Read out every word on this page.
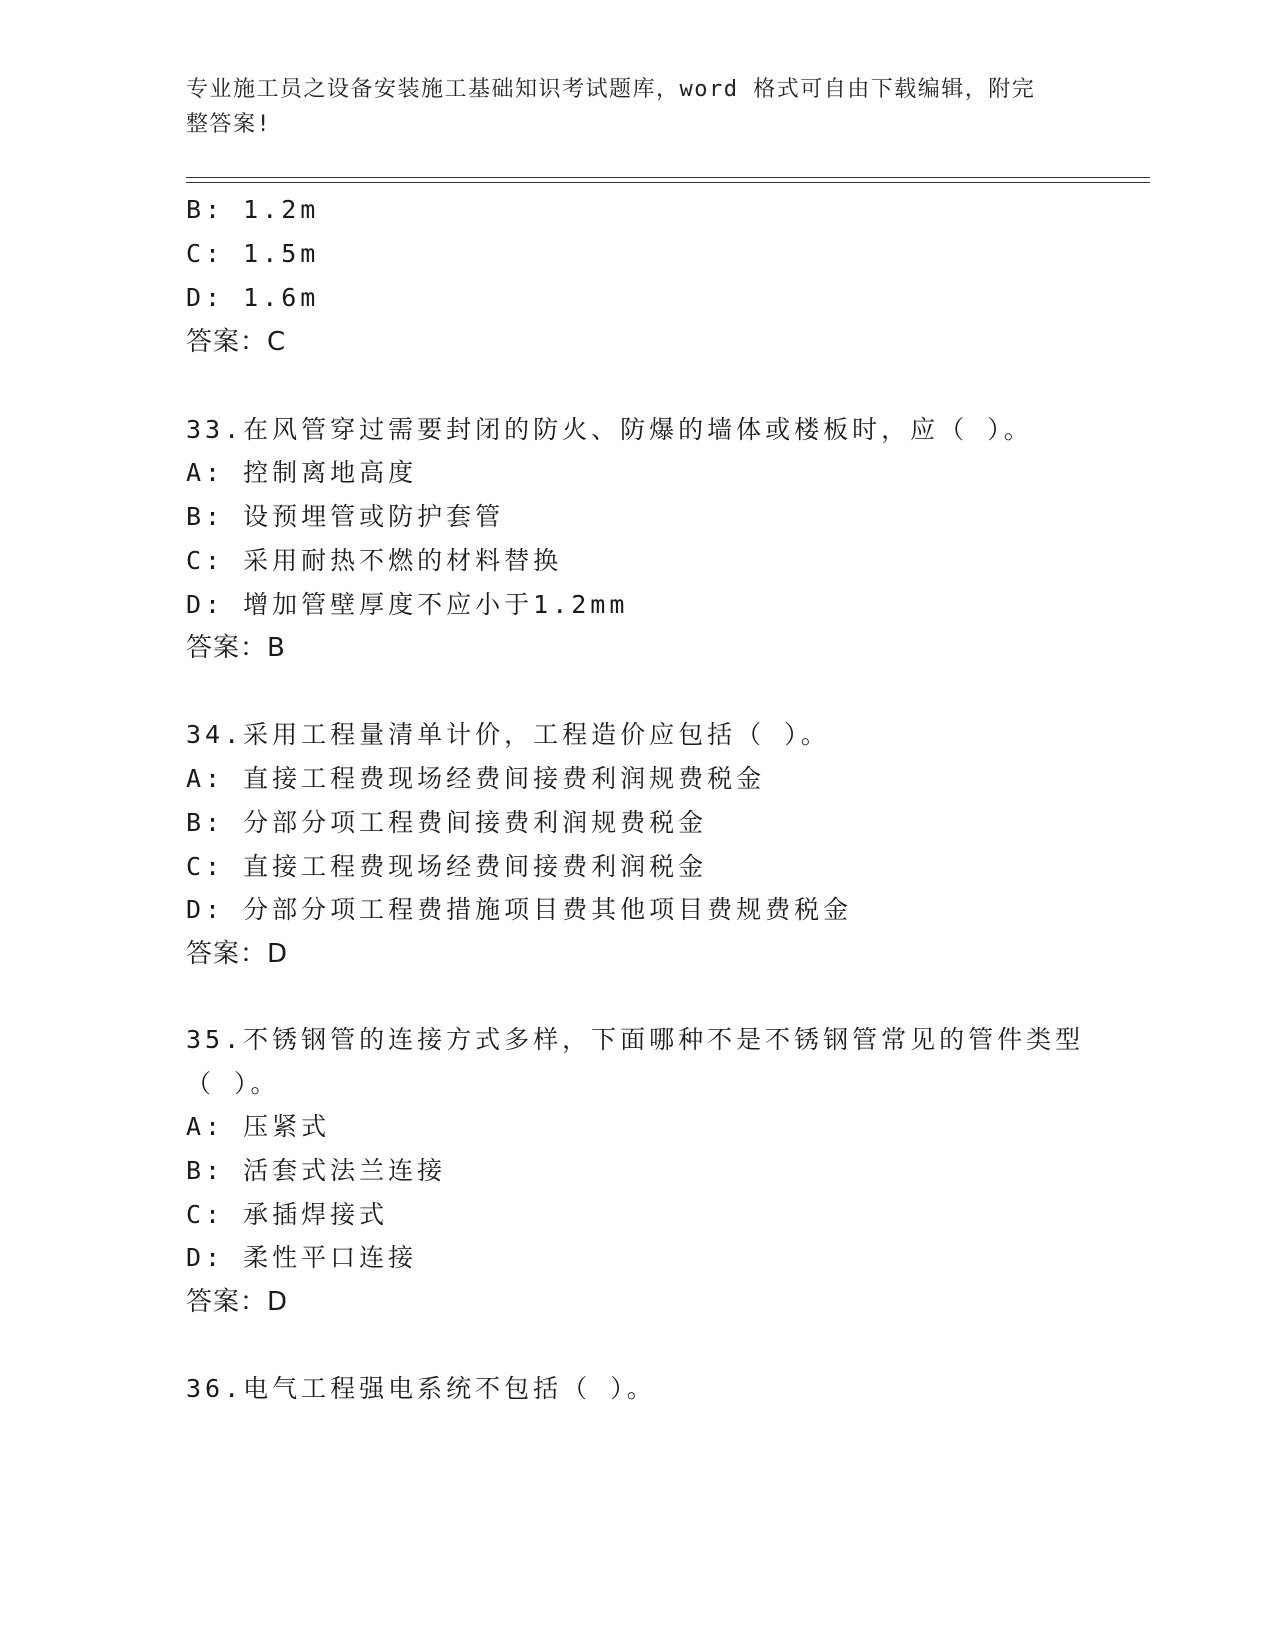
专业施工员之设备安装施工基础知识考试题库，word 格式可自由下载编辑，附完
整答案!
B: 1.2m
C: 1.5m
D: 1.6m
答案：C
33.在风管穿过需要封闭的防火、防爆的墙体或楼板时，应（ ）。
A: 控制离地高度
B: 设预埋管或防护套管
C: 采用耐热不燃的材料替换
D: 增加管壁厚度不应小于1.2mm
答案：B
34.采用工程量清单计价，工程造价应包括（ ）。
A: 直接工程费现场经费间接费利润规费税金
B: 分部分项工程费间接费利润规费税金
C: 直接工程费现场经费间接费利润税金
D: 分部分项工程费措施项目费其他项目费规费税金
答案：D
35.不锈钢管的连接方式多样，下面哪种不是不锈钢管常见的管件类型
（ ）。
A: 压紧式
B: 活套式法兰连接
C: 承插焊接式
D: 柔性平口连接
答案：D
36.电气工程强电系统不包括（ ）。
